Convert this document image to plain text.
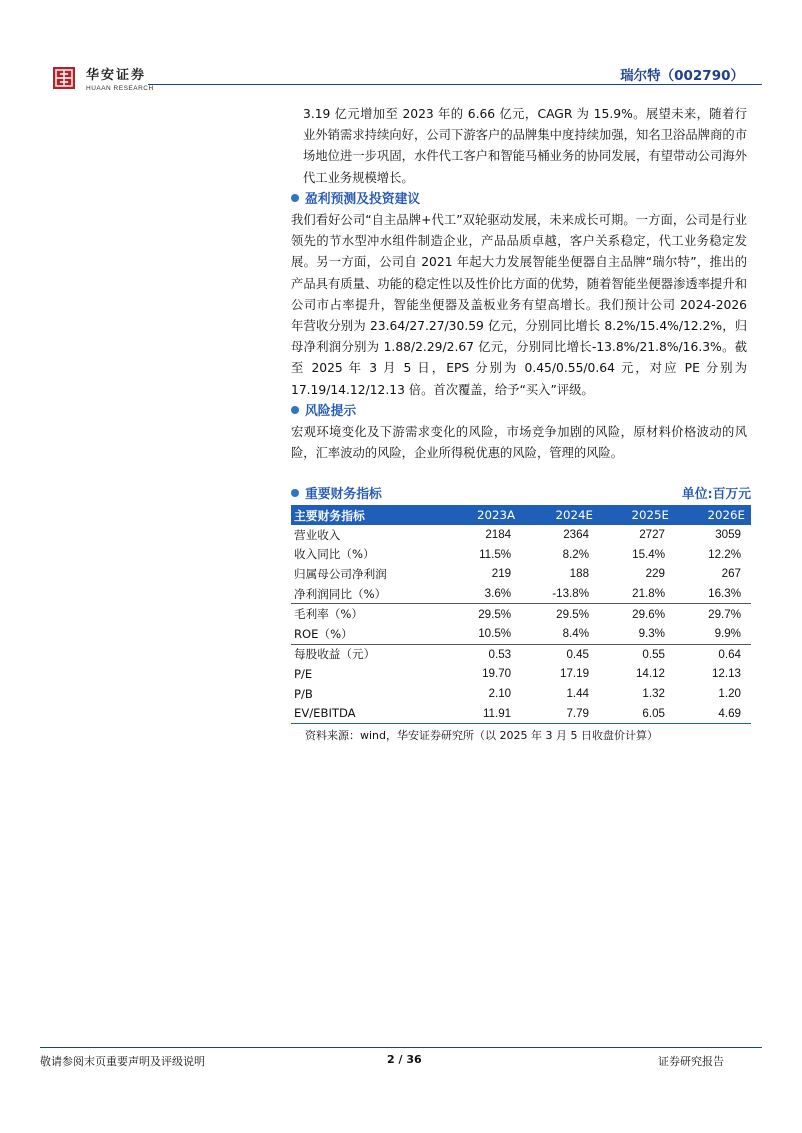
华安证券
HUAAN RESEARCH
瑞尔特（002790）

3.19 亿元增加至 2023 年的 6.66 亿元，CAGR 为 15.9%。展望未来，随着行业外销需求持续向好，公司下游客户的品牌集中度持续加强，知名卫浴品牌商的市场地位进一步巩固，水件代工客户和智能马桶业务的协同发展，有望带动公司海外代工业务规模增长。

盈利预测及投资建议

我们看好公司“自主品牌+代工”双轮驱动发展，未来成长可期。一方面，公司是行业领先的节水型冲水组件制造企业，产品品质卓越，客户关系稳定，代工业务稳定发展。另一方面，公司自 2021 年起大力发展智能坐便器自主品牌“瑞尔特”，推出的产品具有质量、功能的稳定性以及性价比方面的优势，随着智能坐便器渗透率提升和公司市占率提升，智能坐便器及盖板业务有望高增长。我们预计公司 2024-2026 年营收分别为 23.64/27.27/30.59 亿元，分别同比增长 8.2%/15.4%/12.2%，归母净利润分别为 1.88/2.29/2.67 亿元，分别同比增长-13.8%/21.8%/16.3%。截至 2025 年 3 月 5 日，EPS 分别为 0.45/0.55/0.64 元，对应 PE 分别为 17.19/14.12/12.13 倍。首次覆盖，给予“买入”评级。

风险提示

宏观环境变化及下游需求变化的风险，市场竞争加剧的风险，原材料价格波动的风险，汇率波动的风险，企业所得税优惠的风险，管理的风险。

重要财务指标	单位:百万元
主要财务指标	2023A	2024E	2025E	2026E
营业收入	2184	2364	2727	3059
收入同比（%）	11.5%	8.2%	15.4%	12.2%
归属母公司净利润	219	188	229	267
净利润同比（%）	3.6%	-13.8%	21.8%	16.3%
毛利率（%）	29.5%	29.5%	29.6%	29.7%
ROE（%）	10.5%	8.4%	9.3%	9.9%
每股收益（元）	0.53	0.45	0.55	0.64
P/E	19.70	17.19	14.12	12.13
P/B	2.10	1.44	1.32	1.20
EV/EBITDA	11.91	7.79	6.05	4.69
资料来源：wind，华安证券研究所（以 2025 年 3 月 5 日收盘价计算）
敬请参阅末页重要声明及评级说明	2 / 36	证券研究报告
